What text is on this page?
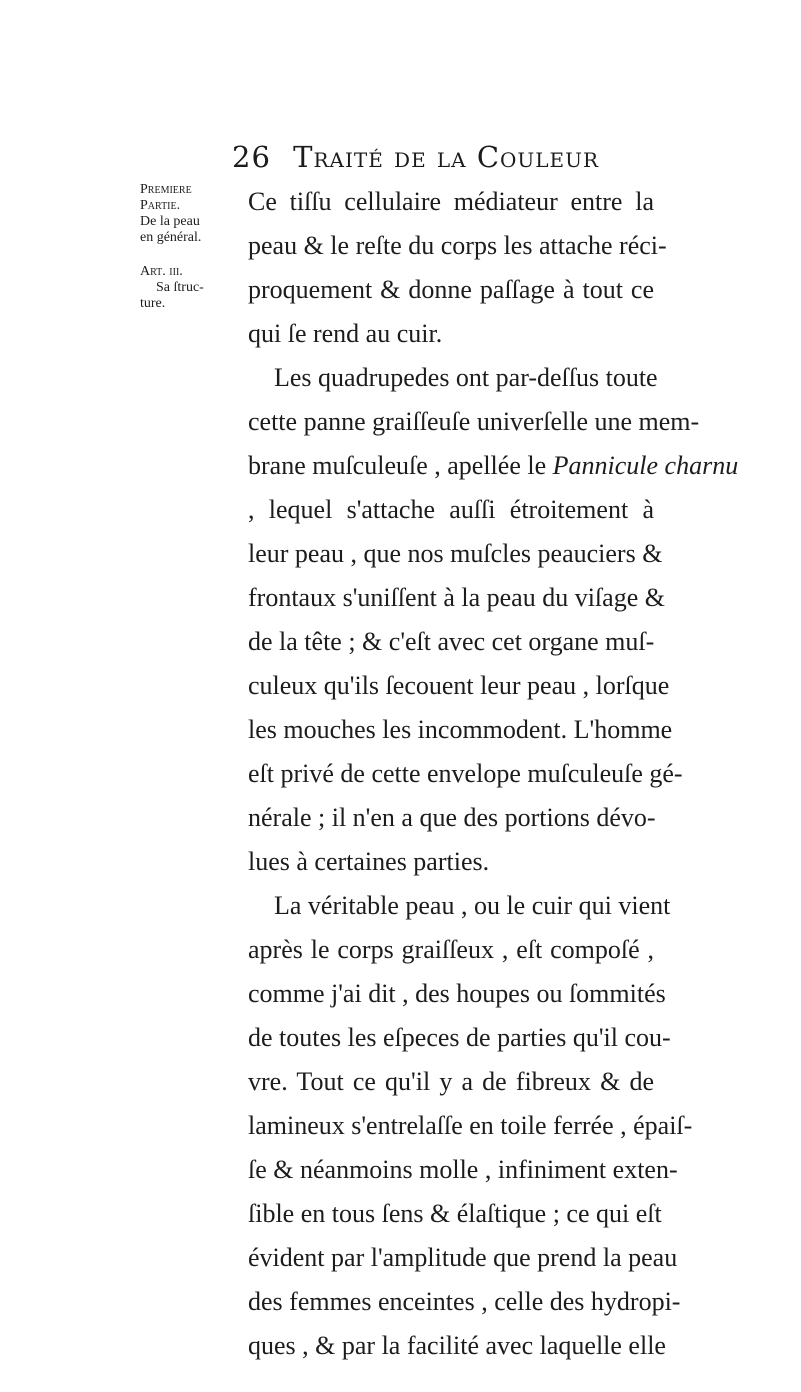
26 Traité de la Couleur
Premiere
Partie.
De la peau
en général.
Art. iii.
Sa ſtruc-
ture.
Ce tiſſu cellulaire médiateur entre la
peau & le reſte du corps les attache réci-
proquement & donne paſſage à tout ce
qui ſe rend au cuir.
Les quadrupedes ont par-deſſus toute
cette panne graiſſeuſe univerſelle une mem-
brane muſculeuſe , apellée le Pannicule charnu
, lequel s'attache auſſi étroitement à
leur peau , que nos muſcles peauciers &
frontaux s'uniſſent à la peau du viſage &
de la tête ; & c'eſt avec cet organe muſ-
culeux qu'ils ſecouent leur peau , lorſque
les mouches les incommodent. L'homme
eſt privé de cette envelope muſculeuſe gé-
nérale ; il n'en a que des portions dévo-
lues à certaines parties.
La véritable peau , ou le cuir qui vient
après le corps graiſſeux , eſt compoſé ,
comme j'ai dit , des houpes ou ſommités
de toutes les eſpeces de parties qu'il cou-
vre. Tout ce qu'il y a de fibreux & de
lamineux s'entrelaſſe en toile ferrée , épaiſ-
ſe & néanmoins molle , infiniment exten-
ſible en tous ſens & élaſtique ; ce qui eſt
évident par l'amplitude que prend la peau
des femmes enceintes , celle des hydropi-
ques , & par la facilité avec laquelle elle
